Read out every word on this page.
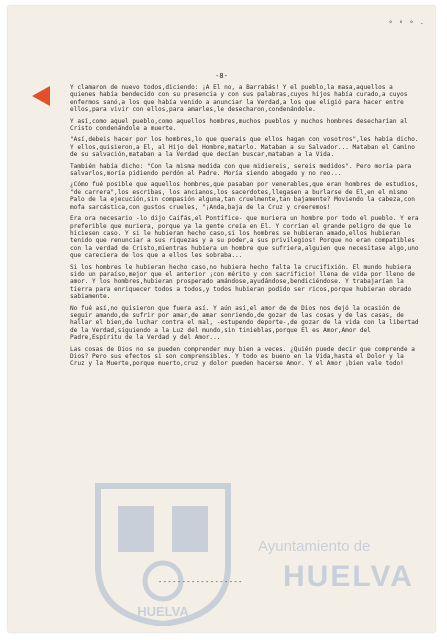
° ° ° ·
-8-

Y clamaron de nuevo todos,diciendo: ¡A El no, a Barrabás! Y el pueblo,la masa,aquellos a quienes había bendecido con su presencia y con sus palabras,cuyos hijos había curado,a cuyos enfermos sanó,a los que había venido a anunciar la Verdad,a los que eligió para hacer entre ellos,para vivir con ellos,para amarles,le desecharon,condenándole.

Y así,como aquel pueblo,como aquellos hombres,muchos pueblos y muchos hombres desecharían al Cristo condenándole a muerte.

"Así,debeis hacer por los hombres,lo que querais que ellos hagan con vosotros",les había dicho. Y ellos,quisieron,a El, al Hijo del Hombre,matarlo. Mataban a su Salvador... Mataban el Camino de su salvación,mataban a la Verdad que decían buscar,mataban a la Vida.

También había dicho: "Con la misma medida con que midiereis, sereis medidos". Pero moría para salvarlos,moría pidiendo perdón al Padre. Moría siendo abogado y no reo...

¿Cómo fué posible que aquellos hombres,que pasaban por venerables,que eran hombres de estudios, "de carrera",los escribas, los ancianos,los sacerdotes,llegasen a burlarse de El,en el mismo Palo de la ejecución,sin compasión alguna,tan cruelmente,tan bajamente? Moviendo la cabeza,con mofa sarcástica,con gustos crueles, "¡Anda,baja de la Cruz y creeremos!

Era ora necesario -lo dijo Caifás,el Pontífice- que muriera un hombre por todo el pueblo. Y era preferible que muriera, porque ya la gente creía en El. Y corrían el grande peligro de que le hiciesen caso. Y si le hubieran hecho caso,si los hombres se hubieran amado,ellos hubieran tenido que renunciar a sus riquezas y a su poder,a sus privilegios! Porque no eran compatibles con la verdad de Cristo,mientras hubiera un hombre que sufriera,alguien que necesitase algo,uno que careciera de los que a ellos les sobraba...

Si los hombres le hubieran hecho caso,no hubiera hecho falta la crucifixión. El mundo hubiera sido un paraíso,mejor que el anterior ¡con mérito y con sacrificio! llena de vida por lleno de amor. Y los hombres,hubieran prosperado amándose,ayudándose,bendiciéndose. Y trabajarían la tierra para enriquecer todos a todos,y todos hubieran podido ser ricos,porque hubieran obrado sabiamente.

No fué así,no quisieron que fuera así. Y aún así,el amor de de Dios nos dejó la ocasión de seguir amando,de sufrir por amar,de amar sonriendo,de gozar de las cosas y de las casas, de hallar el bien,de luchar contra el mal, -estupendo deporte-,de gozar de la vida con la libertad de la Verdad,siguiendo a la Luz del mundo,sin tinieblas,porque El es Amor,Amor del Padre,Espíritu de la Verdad y del Amor...

Las cosas de Dios no se pueden comprender muy bien a veces. ¿Quién puede decir que comprende a Dios? Pero sus efectos si son comprensibles. Y todo es bueno en la Vida,hasta el Dolor y la Cruz y la Muerte,porque muerto,cruz y dolor pueden hacerse Amor. Y el Amor ¡bien vale todo!

------------------
HUELVA
Ayuntamiento de
HUELVA
